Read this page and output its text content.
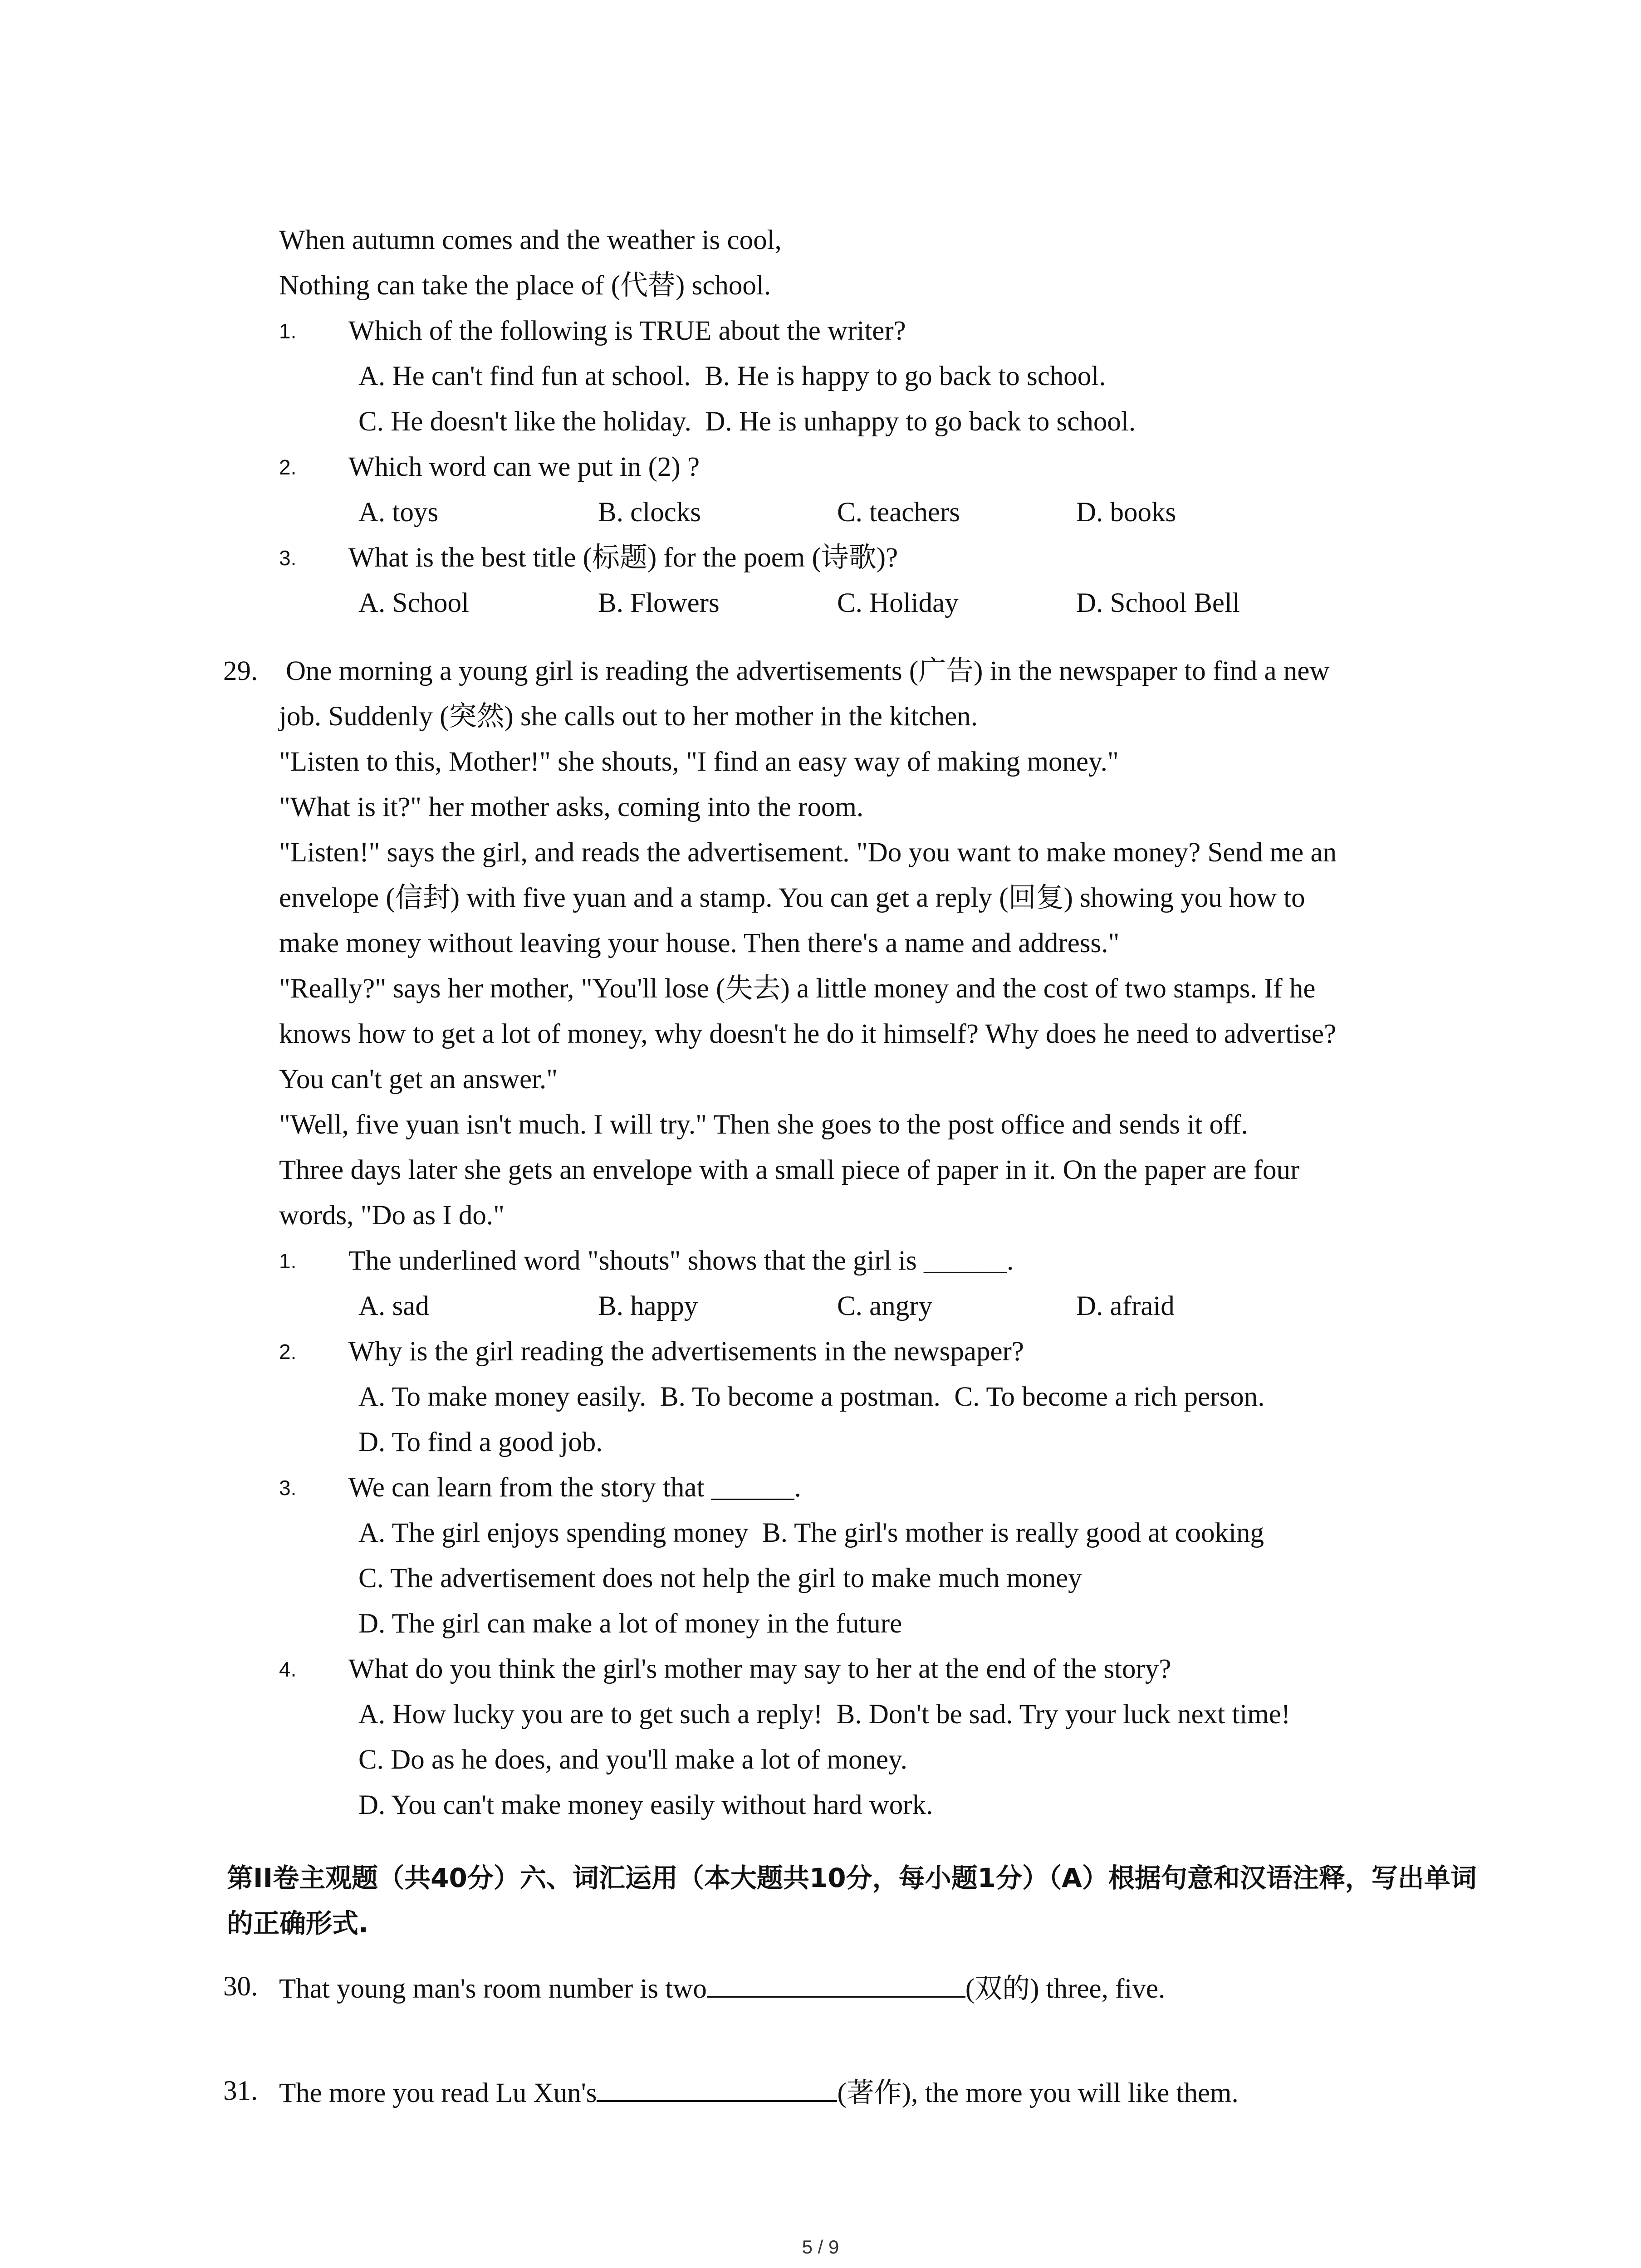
When autumn comes and the weather is cool,
Nothing can take the place of (代替) school.
1. Which of the following is TRUE about the writer?
A. He can't find fun at school.  B. He is happy to go back to school.
C. He doesn't like the holiday.  D. He is unhappy to go back to school.
2. Which word can we put in (2) ?
A. toys	B. clocks	C. teachers	D. books
3. What is the best title (标题) for the poem (诗歌)?
A. School	B. Flowers	C. Holiday	D. School Bell
29. One morning a young girl is reading the advertisements (广告) in the newspaper to find a new
job. Suddenly (突然) she calls out to her mother in the kitchen.
"Listen to this, Mother!" she shouts, "I find an easy way of making money."
"What is it?" her mother asks, coming into the room.
"Listen!" says the girl, and reads the advertisement. "Do you want to make money? Send me an
envelope (信封) with five yuan and a stamp. You can get a reply (回复) showing you how to
make money without leaving your house. Then there's a name and address."
"Really?" says her mother, "You'll lose (失去) a little money and the cost of two stamps. If he
knows how to get a lot of money, why doesn't he do it himself? Why does he need to advertise?
You can't get an answer."
"Well, five yuan isn't much. I will try." Then she goes to the post office and sends it off.
Three days later she gets an envelope with a small piece of paper in it. On the paper are four
words, "Do as I do."
1. The underlined word "shouts" shows that the girl is ______.
A. sad	B. happy	C. angry	D. afraid
2. Why is the girl reading the advertisements in the newspaper?
A. To make money easily.  B. To become a postman.  C. To become a rich person.
D. To find a good job.
3. We can learn from the story that ______.
A. The girl enjoys spending money  B. The girl's mother is really good at cooking
C. The advertisement does not help the girl to make much money
D. The girl can make a lot of money in the future
4. What do you think the girl's mother may say to her at the end of the story?
A. How lucky you are to get such a reply!  B. Don't be sad. Try your luck next time!
C. Do as he does, and you'll make a lot of money.
D. You can't make money easily without hard work.
第II卷主观题（共40分）六、词汇运用（本大题共10分，每小题1分）（A）根据句意和汉语注释，写出单词的正确形式.
30. That young man's room number is two	(双的) three, five.
31. The more you read Lu Xun's	(著作), the more you will like them.
5 / 9
